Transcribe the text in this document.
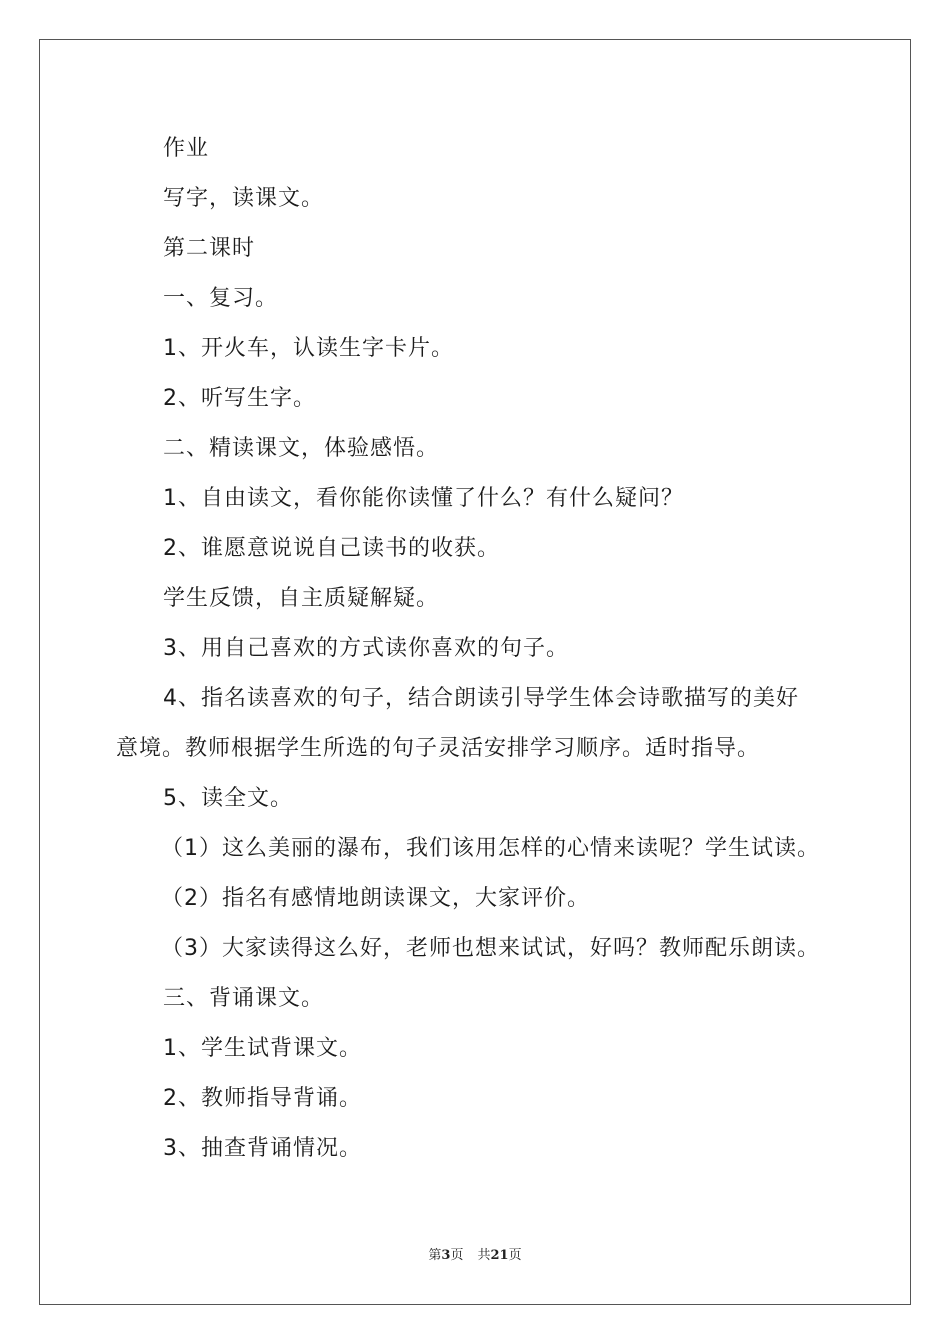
作业
写字，读课文。
第二课时
一、复习。
1、开火车，认读生字卡片。
2、听写生字。
二、精读课文，体验感悟。
1、自由读文，看你能你读懂了什么？有什么疑问？
2、谁愿意说说自己读书的收获。
学生反馈，自主质疑解疑。
3、用自己喜欢的方式读你喜欢的句子。
4、指名读喜欢的句子，结合朗读引导学生体会诗歌描写的美好
意境。教师根据学生所选的句子灵活安排学习顺序。适时指导。
5、读全文。
（1）这么美丽的瀑布，我们该用怎样的心情来读呢？学生试读。
（2）指名有感情地朗读课文，大家评价。
（3）大家读得这么好，老师也想来试试，好吗？教师配乐朗读。
三、背诵课文。
1、学生试背课文。
2、教师指导背诵。
3、抽查背诵情况。
第3页 共21页
